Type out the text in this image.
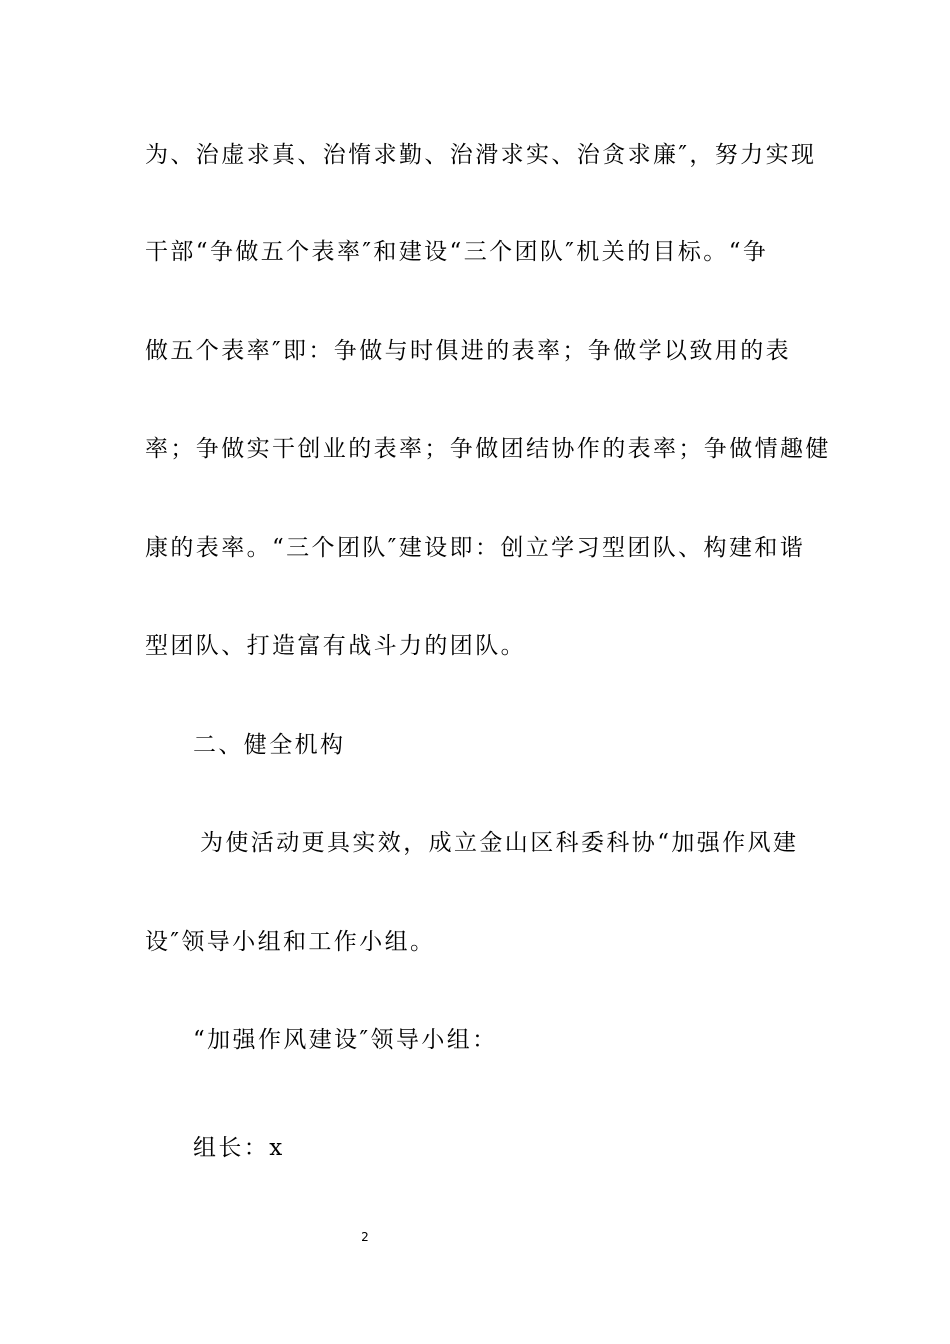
为、治虚求真、治惰求勤、治滑求实、治贪求廉″，努力实现
干部“争做五个表率″和建设“三个团队″机关的目标。“争
做五个表率″即：争做与时俱进的表率；争做学以致用的表
率；争做实干创业的表率；争做团结协作的表率；争做情趣健
康的表率。“三个团队″建设即：创立学习型团队、构建和谐
型团队、打造富有战斗力的团队。
二、健全机构
为使活动更具实效，成立金山区科委科协“加强作风建
设″领导小组和工作小组。
“加强作风建设″领导小组：
组长：x
2
